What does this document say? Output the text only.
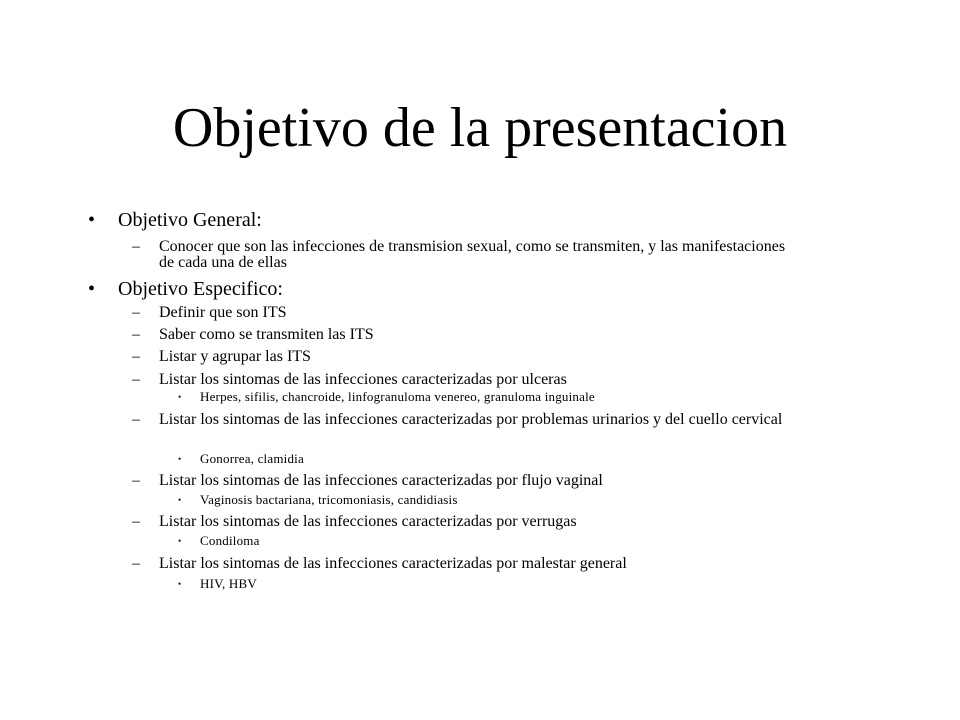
Objetivo de la presentacion
• Objetivo General:
– Conocer que son las infecciones de transmision sexual, como se transmiten, y las manifestaciones de cada una de ellas
• Objetivo Especifico:
– Definir que son ITS
– Saber como se transmiten las ITS
– Listar y agrupar las ITS
– Listar los sintomas de las infecciones caracterizadas por ulceras
• Herpes, sifilis, chancroide, linfogranuloma venereo, granuloma inguinale
– Listar los sintomas de las infecciones caracterizadas por problemas urinarios y del cuello cervical
• Gonorrea, clamidia
– Listar los sintomas de las infecciones caracterizadas por flujo vaginal
• Vaginosis bactariana, tricomoniasis, candidiasis
– Listar los sintomas de las infecciones caracterizadas por verrugas
• Condiloma
– Listar los sintomas de las infecciones caracterizadas por malestar general
• HIV, HBV
